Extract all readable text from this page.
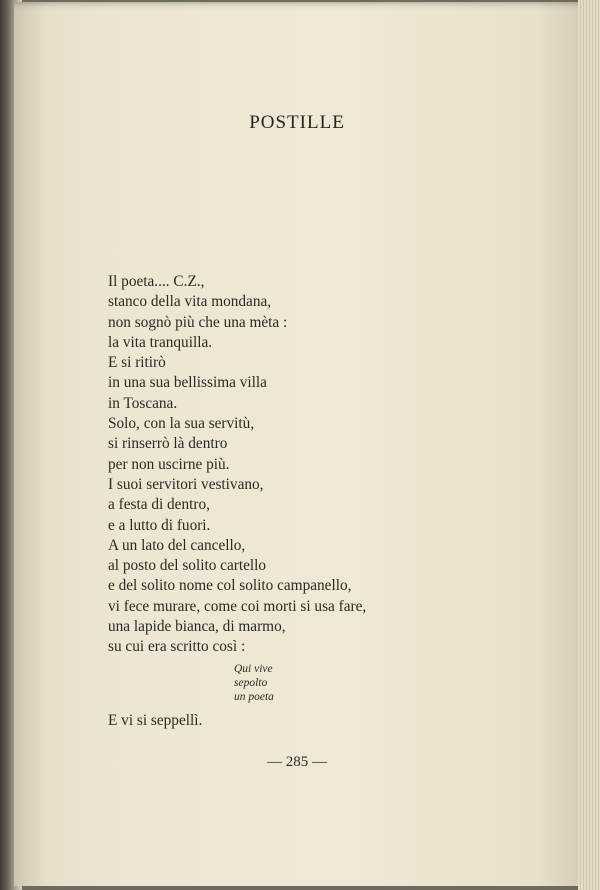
POSTILLE
Il poeta.... C.Z.,
stanco della vita mondana,
non sognò più che una mèta :
la vita tranquilla.
E si ritirò
in una sua bellissima villa
in Toscana.
Solo, con la sua servitù,
si rinserrò là dentro
per non uscirne più.
I suoi servitori vestivano,
a festa di dentro,
e a lutto di fuori.
A un lato del cancello,
al posto del solito cartello
e del solito nome col solito campanello,
vi fece murare, come coi morti si usa fare,
una lapide bianca, di marmo,
su cui era scritto così :
Qui vive
sepolto
un poeta
E vi si seppellì.
— 285 —
